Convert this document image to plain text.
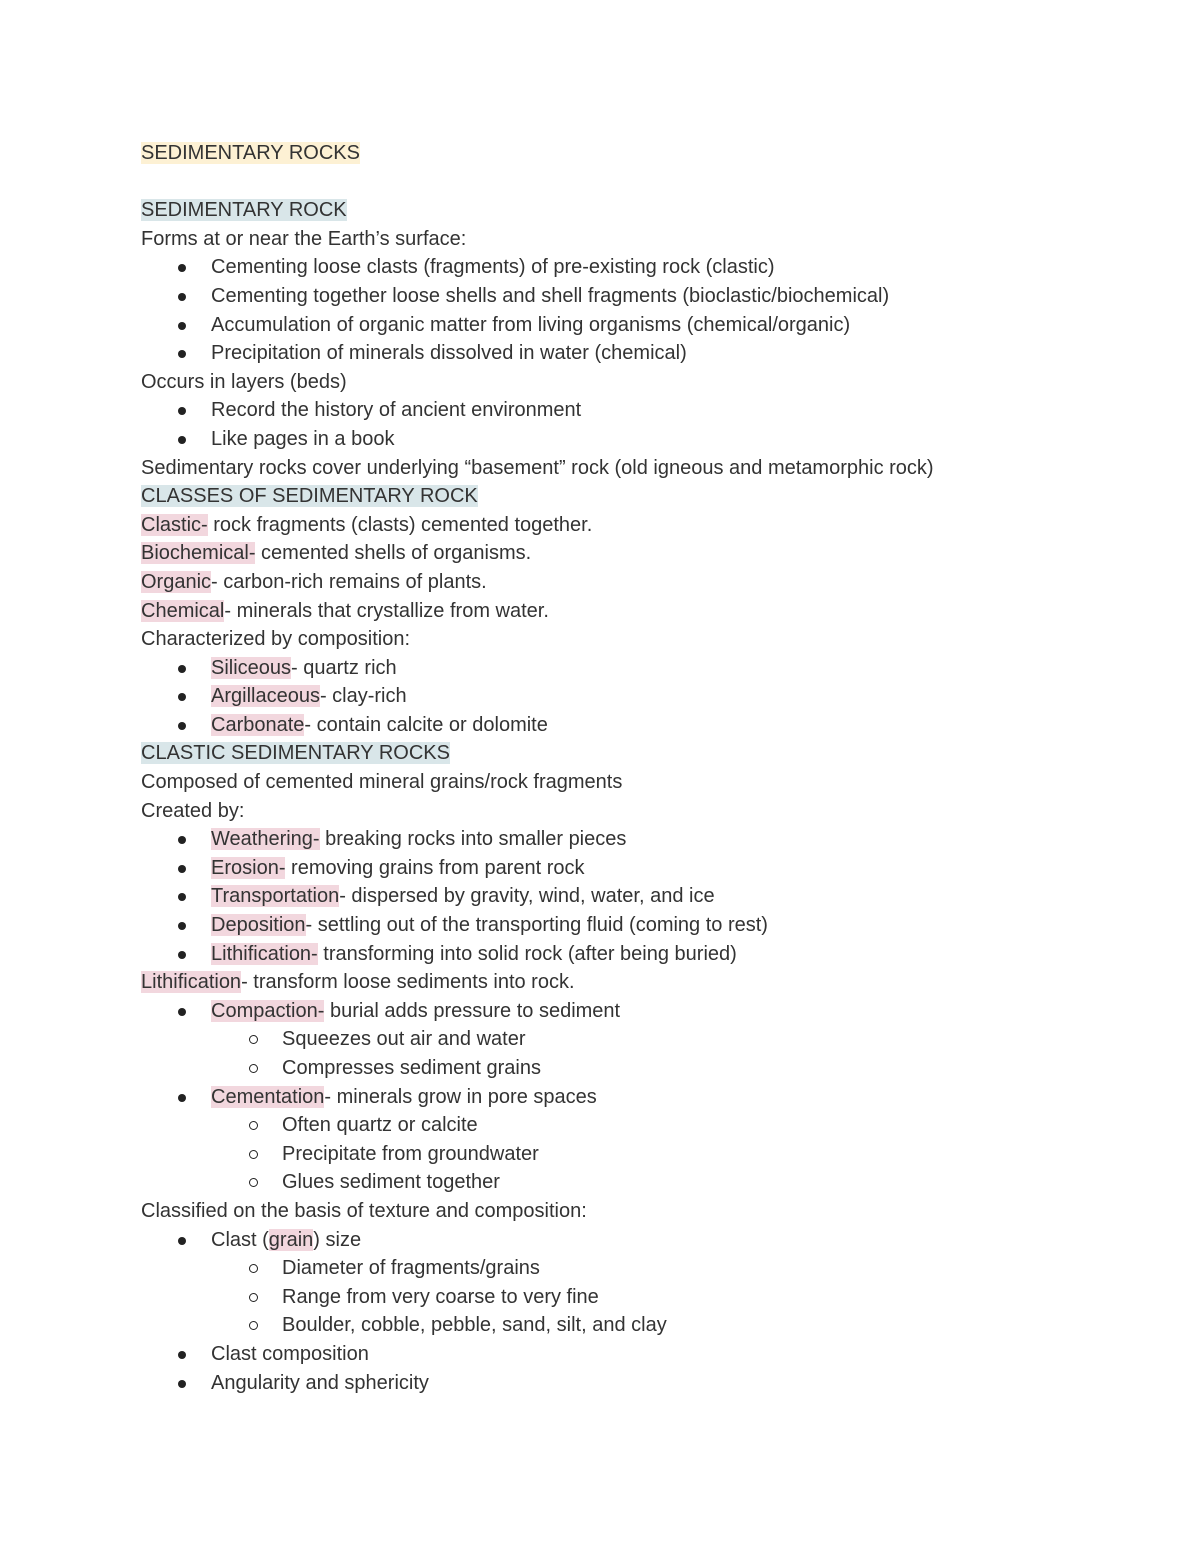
SEDIMENTARY ROCKS
SEDIMENTARY ROCK
Forms at or near the Earth’s surface:
Cementing loose clasts (fragments) of pre-existing rock (clastic)
Cementing together loose shells and shell fragments (bioclastic/biochemical)
Accumulation of organic matter from living organisms (chemical/organic)
Precipitation of minerals dissolved in water (chemical)
Occurs in layers (beds)
Record the history of ancient environment
Like pages in a book
Sedimentary rocks cover underlying “basement” rock (old igneous and metamorphic rock)
CLASSES OF SEDIMENTARY ROCK
Clastic- rock fragments (clasts) cemented together.
Biochemical- cemented shells of organisms.
Organic- carbon-rich remains of plants.
Chemical- minerals that crystallize from water.
Characterized by composition:
Siliceous- quartz rich
Argillaceous- clay-rich
Carbonate- contain calcite or dolomite
CLASTIC SEDIMENTARY ROCKS
Composed of cemented mineral grains/rock fragments
Created by:
Weathering- breaking rocks into smaller pieces
Erosion- removing grains from parent rock
Transportation- dispersed by gravity, wind, water, and ice
Deposition- settling out of the transporting fluid (coming to rest)
Lithification- transforming into solid rock (after being buried)
Lithification- transform loose sediments into rock.
Compaction- burial adds pressure to sediment
Squeezes out air and water
Compresses sediment grains
Cementation- minerals grow in pore spaces
Often quartz or calcite
Precipitate from groundwater
Glues sediment together
Classified on the basis of texture and composition:
Clast (grain) size
Diameter of fragments/grains
Range from very coarse to very fine
Boulder, cobble, pebble, sand, silt, and clay
Clast composition
Angularity and sphericity
